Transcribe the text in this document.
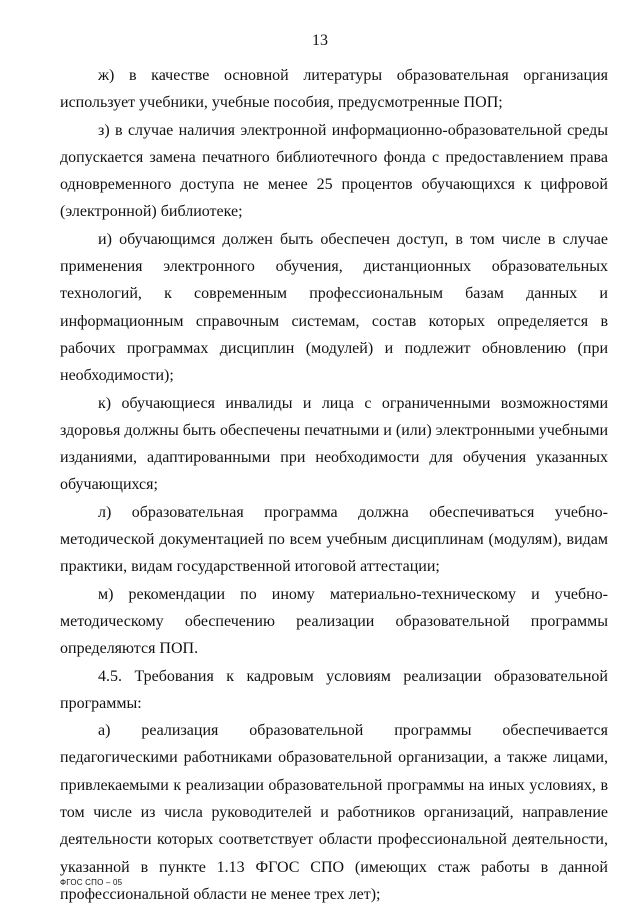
13

ж) в качестве основной литературы образовательная организация использует учебники, учебные пособия, предусмотренные ПОП;

з) в случае наличия электронной информационно-образовательной среды допускается замена печатного библиотечного фонда с предоставлением права одновременного доступа не менее 25 процентов обучающихся к цифровой (электронной) библиотеке;

и) обучающимся должен быть обеспечен доступ, в том числе в случае применения электронного обучения, дистанционных образовательных технологий, к современным профессиональным базам данных и информационным справочным системам, состав которых определяется в рабочих программах дисциплин (модулей) и подлежит обновлению (при необходимости);

к) обучающиеся инвалиды и лица с ограниченными возможностями здоровья должны быть обеспечены печатными и (или) электронными учебными изданиями, адаптированными при необходимости для обучения указанных обучающихся;

л) образовательная программа должна обеспечиваться учебно-методической документацией по всем учебным дисциплинам (модулям), видам практики, видам государственной итоговой аттестации;

м) рекомендации по иному материально-техническому и учебно-методическому обеспечению реализации образовательной программы определяются ПОП.

4.5. Требования к кадровым условиям реализации образовательной программы:

а) реализация образовательной программы обеспечивается педагогическими работниками образовательной организации, а также лицами, привлекаемыми к реализации образовательной программы на иных условиях, в том числе из числа руководителей и работников организаций, направление деятельности которых соответствует области профессиональной деятельности, указанной в пункте 1.13 ФГОС СПО (имеющих стаж работы в данной профессиональной области не менее трех лет);

ФГОС СПО – 05
